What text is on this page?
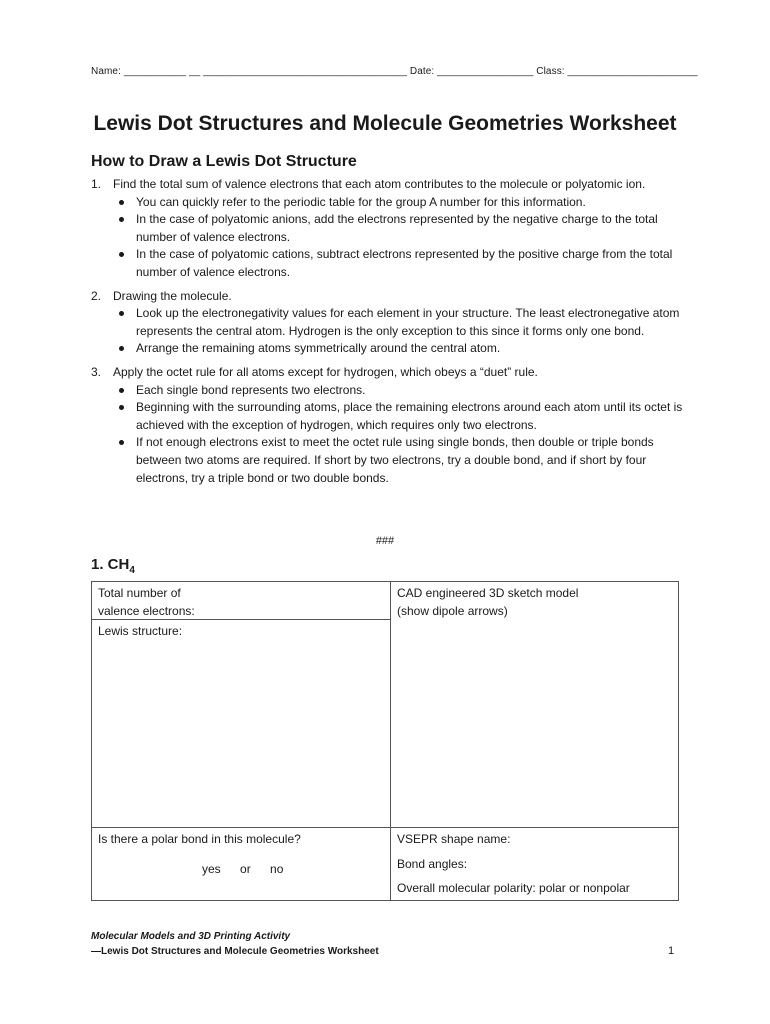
Name: ___________ __ ____________________________________ Date: _________________ Class: _______________________
Lewis Dot Structures and Molecule Geometries Worksheet
How to Draw a Lewis Dot Structure
1. Find the total sum of valence electrons that each atom contributes to the molecule or polyatomic ion.
You can quickly refer to the periodic table for the group A number for this information.
In the case of polyatomic anions, add the electrons represented by the negative charge to the total number of valence electrons.
In the case of polyatomic cations, subtract electrons represented by the positive charge from the total number of valence electrons.
2. Drawing the molecule.
Look up the electronegativity values for each element in your structure. The least electronegative atom represents the central atom. Hydrogen is the only exception to this since it forms only one bond.
Arrange the remaining atoms symmetrically around the central atom.
3. Apply the octet rule for all atoms except for hydrogen, which obeys a “duet” rule.
Each single bond represents two electrons.
Beginning with the surrounding atoms, place the remaining electrons around each atom until its octet is achieved with the exception of hydrogen, which requires only two electrons.
If not enough electrons exist to meet the octet rule using single bonds, then double or triple bonds between two atoms are required. If short by two electrons, try a double bond, and if short by four electrons, try a triple bond or two double bonds.
###
1. $CH_4$
Total number of
valence electrons:
Lewis structure:
CAD engineered 3D sketch model
(show dipole arrows)
Is there a polar bond in this molecule?
yes or no
VSEPR shape name:
Bond angles:
Overall molecular polarity: polar or nonpolar
Molecular Models and 3D Printing Activity
—Lewis Dot Structures and Molecule Geometries Worksheet	1
